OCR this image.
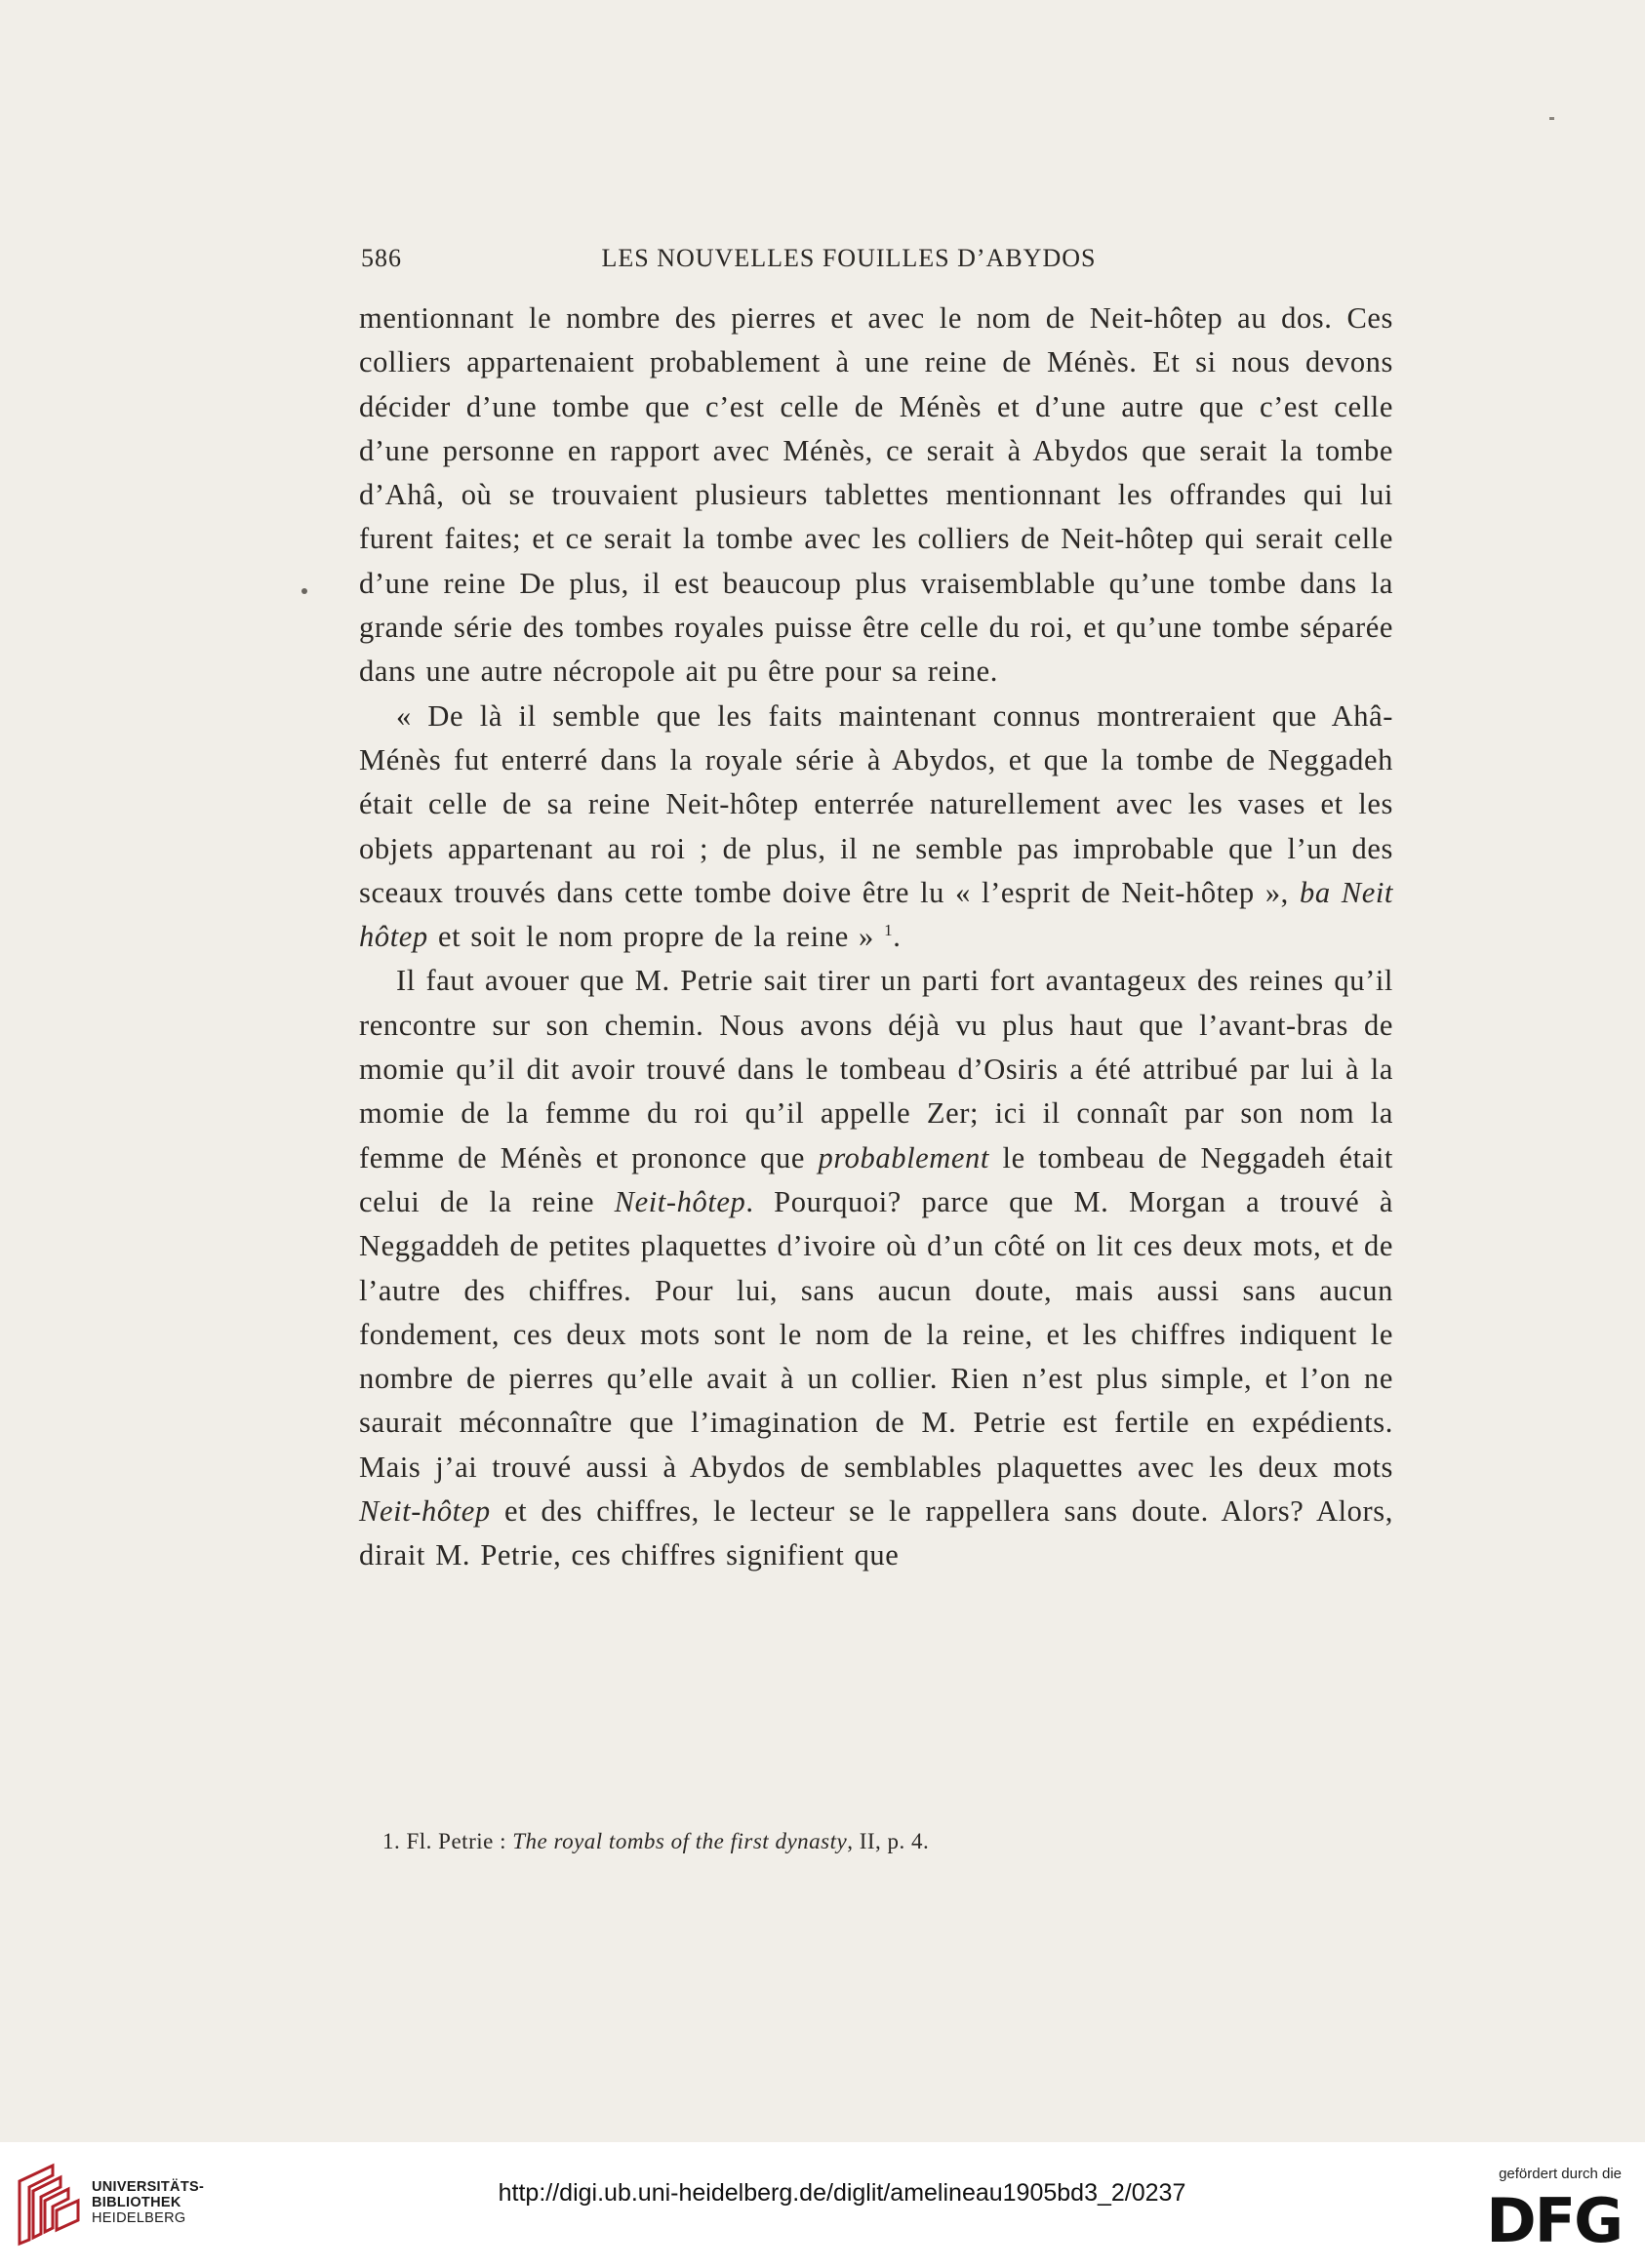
586	LES NOUVELLES FOUILLES D’ABYDOS

mentionnant le nombre des pierres et avec le nom de Neit-hôtep au dos. Ces colliers appartenaient probablement à une reine de Ménès. Et si nous devons décider d’une tombe que c’est celle de Ménès et d’une autre que c’est celle d’une personne en rapport avec Ménès, ce serait à Abydos que serait la tombe d’Ahâ, où se trouvaient plusieurs tablettes mentionnant les offrandes qui lui furent faites; et ce serait la tombe avec les colliers de Neit-hôtep qui serait celle d’une reine De plus, il est beaucoup plus vraisemblable qu’une tombe dans la grande série des tombes royales puisse être celle du roi, et qu’une tombe séparée dans une autre nécropole ait pu être pour sa reine.

« De là il semble que les faits maintenant connus montreraient que Ahâ-Ménès fut enterré dans la royale série à Abydos, et que la tombe de Neggadeh était celle de sa reine Neit-hôtep enterrée naturellement avec les vases et les objets appartenant au roi ; de plus, il ne semble pas improbable que l’un des sceaux trouvés dans cette tombe doive être lu « l’esprit de Neit-hôtep », ba Neit hôtep et soit le nom propre de la reine » $^1$.

Il faut avouer que M. Petrie sait tirer un parti fort avantageux des reines qu’il rencontre sur son chemin. Nous avons déjà vu plus haut que l’avant-bras de momie qu’il dit avoir trouvé dans le tombeau d’Osiris a été attribué par lui à la momie de la femme du roi qu’il appelle Zer; ici il connaît par son nom la femme de Ménès et prononce que probablement le tombeau de Neggadeh était celui de la reine Neit-hôtep. Pourquoi? parce que M. Morgan a trouvé à Neggaddeh de petites plaquettes d’ivoire où d’un côté on lit ces deux mots, et de l’autre des chiffres. Pour lui, sans aucun doute, mais aussi sans aucun fondement, ces deux mots sont le nom de la reine, et les chiffres indiquent le nombre de pierres qu’elle avait à un collier. Rien n’est plus simple, et l’on ne saurait méconnaître que l’imagination de M. Petrie est fertile en expédients. Mais j’ai trouvé aussi à Abydos de semblables plaquettes avec les deux mots Neit-hôtep et des chiffres, le lecteur se le rappellera sans doute. Alors? Alors, dirait M. Petrie, ces chiffres signifient que

1. Fl. Petrie : The royal tombs of the first dynasty, II, p. 4.
UNIVERSITÄTS-
BIBLIOTHEK
HEIDELBERG
http://digi.ub.uni-heidelberg.de/diglit/amelineau1905bd3_2/0237
gefördert durch die
DFG
